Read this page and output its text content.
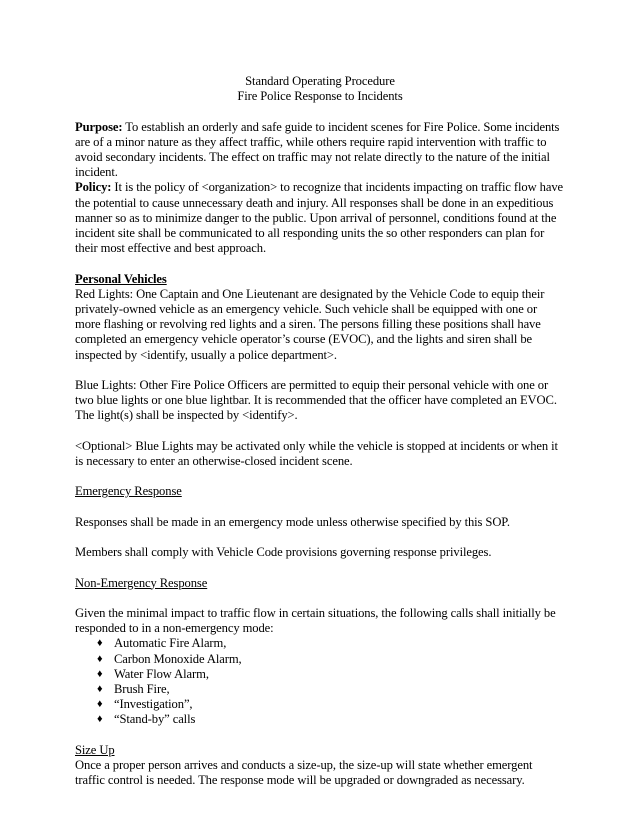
Standard Operating Procedure
Fire Police Response to Incidents

Purpose: To establish an orderly and safe guide to incident scenes for Fire Police. Some incidents are of a minor nature as they affect traffic, while others require rapid intervention with traffic to avoid secondary incidents. The effect on traffic may not relate directly to the nature of the initial incident.

Policy: It is the policy of <organization> to recognize that incidents impacting on traffic flow have the potential to cause unnecessary death and injury. All responses shall be done in an expeditious manner so as to minimize danger to the public. Upon arrival of personnel, conditions found at the incident site shall be communicated to all responding units the so other responders can plan for their most effective and best approach.

Personal Vehicles

Red Lights: One Captain and One Lieutenant are designated by the Vehicle Code to equip their privately-owned vehicle as an emergency vehicle. Such vehicle shall be equipped with one or more flashing or revolving red lights and a siren. The persons filling these positions shall have completed an emergency vehicle operator’s course (EVOC), and the lights and siren shall be inspected by <identify, usually a police department>.

Blue Lights: Other Fire Police Officers are permitted to equip their personal vehicle with one or two blue lights or one blue lightbar. It is recommended that the officer have completed an EVOC. The light(s) shall be inspected by <identify>.

<Optional> Blue Lights may be activated only while the vehicle is stopped at incidents or when it is necessary to enter an otherwise-closed incident scene.

Emergency Response

Responses shall be made in an emergency mode unless otherwise specified by this SOP.

Members shall comply with Vehicle Code provisions governing response privileges.

Non-Emergency Response

Given the minimal impact to traffic flow in certain situations, the following calls shall initially be responded to in a non-emergency mode:

♦ Automatic Fire Alarm,
♦ Carbon Monoxide Alarm,
♦ Water Flow Alarm,
♦ Brush Fire,
♦ “Investigation”,
♦ “Stand-by” calls

Size Up

Once a proper person arrives and conducts a size-up, the size-up will state whether emergent traffic control is needed. The response mode will be upgraded or downgraded as necessary.
